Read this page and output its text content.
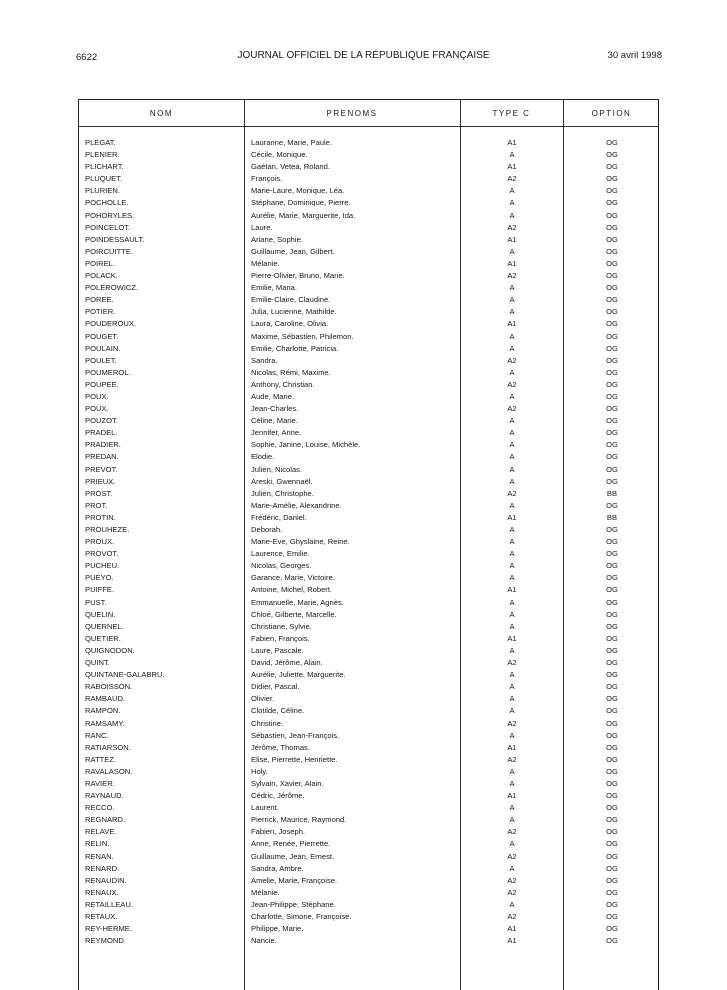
6622	JOURNAL OFFICIEL DE LA RÉPUBLIQUE FRANÇAISE	30 avril 1998
NOM	PRENOMS	TYPE C	OPTION
PLEGAT.	Lauranne, Marie, Paule.	A1	OG
PLENIER.	Cécile, Monique.	A	OG
PLICHART.	Gaétan, Vetea, Roland.	A1	OG
PLUQUET.	François.	A2	OG
PLURIEN.	Marie-Laure, Monique, Léa.	A	OG
POCHOLLE.	Stéphane, Dominique, Pierre.	A	OG
POHORYLES.	Aurélie, Marie, Marguerite, Ida.	A	OG
POINCELOT.	Laure.	A2	OG
POINDESSAULT.	Ariane, Sophie.	A1	OG
POIRCUITTE.	Guillaume, Jean, Gilbert.	A	OG
POIREL.	Mélanie.	A1	OG
POLACK.	Pierre-Olivier, Bruno, Marie.	A2	OG
POLEROWICZ.	Emilie, Maria.	A	OG
POREE.	Emilie-Claire, Claudine.	A	OG
POTIER.	Julia, Lucienne, Mathilde.	A	OG
POUDEROUX.	Laura, Caroline, Olivia.	A1	OG
POUGET.	Maxime, Sébastien, Philemon.	A	OG
POULAIN.	Emilie, Charlotte, Patricia.	A	OG
POULET.	Sandra.	A2	OG
POUMEROL.	Nicolas, Rémi, Maxime.	A	OG
POUPEE.	Anthony, Christian.	A2	OG
POUX.	Aude, Marie.	A	OG
POUX.	Jean-Charles.	A2	OG
POUZOT.	Céline, Marie.	A	OG
PRADEL.	Jennifer, Anne.	A	OG
PRADIER.	Sophie, Janine, Louise, Michèle.	A	OG
PREDAN.	Elodie.	A	OG
PREVOT.	Julien, Nicolas.	A	OG
PRIEUX.	Areski, Gwennaël.	A	OG
PROST.	Julien, Christophe.	A2	BB
PROT.	Marie-Amélie, Alexandrine.	A	OG
PROTIN.	Frédéric, Daniel.	A1	BB
PROUHEZE.	Deborah.	A	OG
PROUX.	Marie-Eve, Ghyslaine, Reine.	A	OG
PROVOT.	Laurence, Emilie.	A	OG
PUCHEU.	Nicolas, Georges.	A	OG
PUEYO.	Garance, Marie, Victoire.	A	OG
PUIFFE.	Antoine, Michel, Robert.	A1	OG
PUST.	Emmanuelle, Marie, Agnès.	A	OG
QUELIN.	Chloé, Gilberte, Marcelle.	A	OG
QUERNEL.	Christiane, Sylvie.	A	OG
QUETIER.	Fabien, François.	A1	OG
QUIGNODON.	Laure, Pascale.	A	OG
QUINT.	David, Jérôme, Alain.	A2	OG
QUINTANE-GALABRU.	Aurélie, Juliette, Marguerite.	A	OG
RABOISSON.	Didier, Pascal.	A	OG
RAMBAUD.	Olivier.	A	OG
RAMPON.	Clotilde, Céline.	A	OG
RAMSAMY.	Christine.	A2	OG
RANC.	Sébastien, Jean-François.	A	OG
RATIARSON.	Jérôme, Thomas.	A1	OG
RATTEZ.	Elise, Pierrette, Henriette.	A2	OG
RAVALASON.	Holy.	A	OG
RAVIER.	Sylvain, Xavier, Alain.	A	OG
RAYNAUD.	Cédric, Jérôme.	A1	OG
RECCO.	Laurent.	A	OG
REGNARD.	Pierrick, Maurice, Raymond.	A	OG
RELAVE.	Fabien, Joseph.	A2	OG
RELIN.	Anne, Renée, Pierrette.	A	OG
RENAN.	Guillaume, Jean, Ernest.	A2	OG
RENARD.	Sandra, Ambre.	A	OG
RENAUDIN.	Amelie, Marie, Françoise.	A2	OG
RENAUX.	Mélanie.	A2	OG
RETAILLEAU.	Jean-Philippe, Stéphane.	A	OG
RETAUX.	Charlotte, Simone, Françoise.	A2	OG
REY-HERME.	Philippe, Marie.	A1	OG
REYMOND.	Nancie.	A1	OG
